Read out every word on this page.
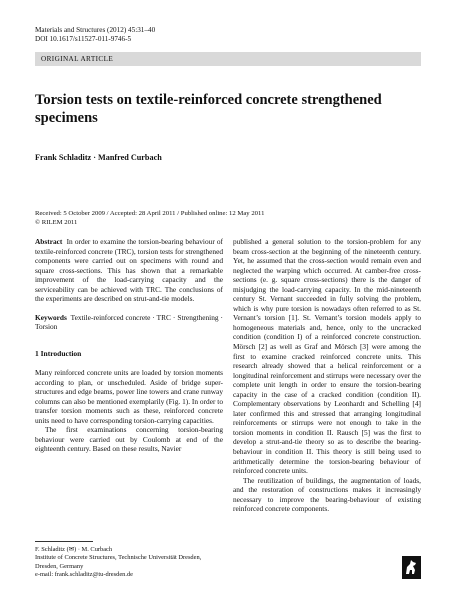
Materials and Structures (2012) 45:31–40
DOI 10.1617/s11527-011-9746-5
ORIGINAL ARTICLE
Torsion tests on textile-reinforced concrete strengthened specimens
Frank Schladitz · Manfred Curbach
Received: 5 October 2009 / Accepted: 28 April 2011 / Published online: 12 May 2011
© RILEM 2011

Abstract In order to examine the torsion-bearing behaviour of textile-reinforced concrete (TRC), torsion tests for strengthened components were carried out on specimens with round and square cross-sections. This has shown that a remarkable improvement of the load-carrying capacity and the serviceability can be achieved with TRC. The conclusions of the experiments are described on strut-and-tie models.

Keywords Textile-reinforced concrete · TRC · Strengthening · Torsion

1 Introduction

Many reinforced concrete units are loaded by torsion moments according to plan, or unscheduled. Aside of bridge super-structures and edge beams, power line towers and crane runway columns can also be mentioned exemplarily (Fig. 1). In order to transfer torsion moments such as these, reinforced concrete units need to have corresponding torsion-carrying capacities.

The first examinations concerning torsion-bearing behaviour were carried out by Coulomb at end of the eighteenth century. Based on these results, Navier

published a general solution to the torsion-problem for any beam cross-section at the beginning of the nineteenth century. Yet, he assumed that the cross-section would remain even and neglected the warping which occurred. At camber-free cross-sections (e. g. square cross-sections) there is the danger of misjudging the load-carrying capacity. In the mid-nineteenth century St. Vernant succeeded in fully solving the problem, which is why pure torsion is nowadays often referred to as St. Vernant’s torsion [1]. St. Vernant’s torsion models apply to homogeneous materials and, hence, only to the uncracked condition (condition I) of a reinforced concrete construction. Mörsch [2] as well as Graf and Mörsch [3] were among the first to examine cracked reinforced concrete units. This research already showed that a helical reinforcement or a longitudinal reinforcement and stirrups were necessary over the complete unit length in order to ensure the torsion-bearing capacity in the case of a cracked condition (condition II). Complementary observations by Leonhardt and Schelling [4] later confirmed this and stressed that arranging longitudinal reinforcements or stirrups were not enough to take in the torsion moments in condition II. Rausch [5] was the first to develop a strut-and-tie theory so as to describe the bearing-behaviour in condition II. This theory is still being used to arithmetically determine the torsion-bearing behaviour of reinforced concrete units.

The reutilization of buildings, the augmentation of loads, and the restoration of constructions makes it increasingly necessary to improve the bearing-behaviour of existing reinforced concrete components.

F. Schladitz (✉) · M. Curbach
Institute of Concrete Structures, Technische Universität Dresden, Dresden, Germany
e-mail: frank.schladitz@tu-dresden.de
